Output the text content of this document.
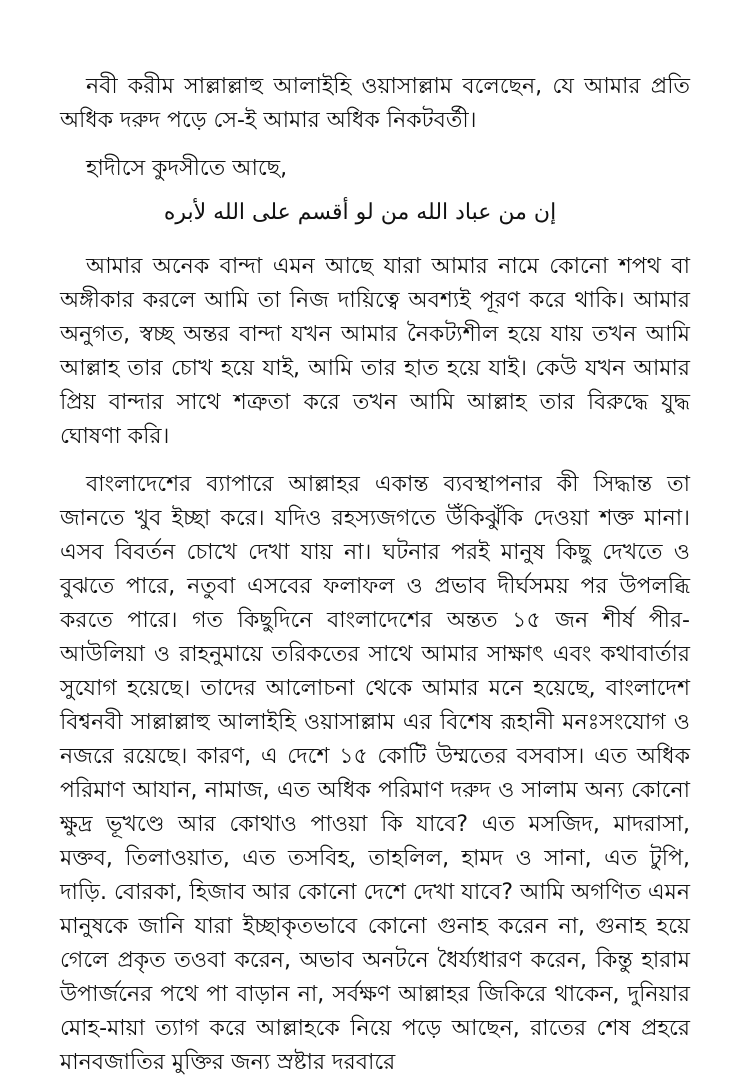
নবী করীম সাল্লাল্লাহু আলাইহি ওয়াসাল্লাম বলেছেন, যে আমার প্রতি অধিক দরুদ পড়ে সে-ই আমার অধিক নিকটবর্তী।

হাদীসে কুদসীতে আছে,

إن من عباد الله من لو أقسم على الله لأبره

আমার অনেক বান্দা এমন আছে যারা আমার নামে কোনো শপথ বা অঙ্গীকার করলে আমি তা নিজ দায়িত্বে অবশ্যই পূরণ করে থাকি। আমার অনুগত, স্বচ্ছ অন্তর বান্দা যখন আমার নৈকট্যশীল হয়ে যায় তখন আমি আল্লাহ তার চোখ হয়ে যাই, আমি তার হাত হয়ে যাই। কেউ যখন আমার প্রিয় বান্দার সাথে শত্রুতা করে তখন আমি আল্লাহ তার বিরুদ্ধে যুদ্ধ ঘোষণা করি।

বাংলাদেশের ব্যাপারে আল্লাহর একান্ত ব্যবস্থাপনার কী সিদ্ধান্ত তা জানতে খুব ইচ্ছা করে। যদিও রহস্যজগতে উঁকিঝুঁকি দেওয়া শক্ত মানা। এসব বিবর্তন চোখে দেখা যায় না। ঘটনার পরই মানুষ কিছু দেখতে ও বুঝতে পারে, নতুবা এসবের ফলাফল ও প্রভাব দীর্ঘসময় পর উপলব্ধি করতে পারে। গত কিছুদিনে বাংলাদেশের অন্তত ১৫ জন শীর্ষ পীর-আউলিয়া ও রাহনুমায়ে তরিকতের সাথে আমার সাক্ষাৎ এবং কথাবার্তার সুযোগ হয়েছে। তাদের আলোচনা থেকে আমার মনে হয়েছে, বাংলাদেশ বিশ্বনবী সাল্লাল্লাহু আলাইহি ওয়াসাল্লাম এর বিশেষ রূহানী মনঃসংযোগ ও নজরে রয়েছে। কারণ, এ দেশে ১৫ কোটি উম্মতের বসবাস। এত অধিক পরিমাণ আযান, নামাজ, এত অধিক পরিমাণ দরুদ ও সালাম অন্য কোনো ক্ষুদ্র ভূখণ্ডে আর কোথাও পাওয়া কি যাবে? এত মসজিদ, মাদরাসা, মক্তব, তিলাওয়াত, এত তসবিহ, তাহলিল, হামদ ও সানা, এত টুপি, দাড়ি. বোরকা, হিজাব আর কোনো দেশে দেখা যাবে? আমি অগণিত এমন মানুষকে জানি যারা ইচ্ছাকৃতভাবে কোনো গুনাহ করেন না, গুনাহ হয়ে গেলে প্রকৃত তওবা করেন, অভাব অনটনে ধৈর্য্যধারণ করেন, কিন্তু হারাম উপার্জনের পথে পা বাড়ান না, সর্বক্ষণ আল্লাহর জিকিরে থাকেন, দুনিয়ার মোহ-মায়া ত্যাগ করে আল্লাহকে নিয়ে পড়ে আছেন, রাতের শেষ প্রহরে মানবজাতির মুক্তির জন্য স্রষ্টার দরবারে
